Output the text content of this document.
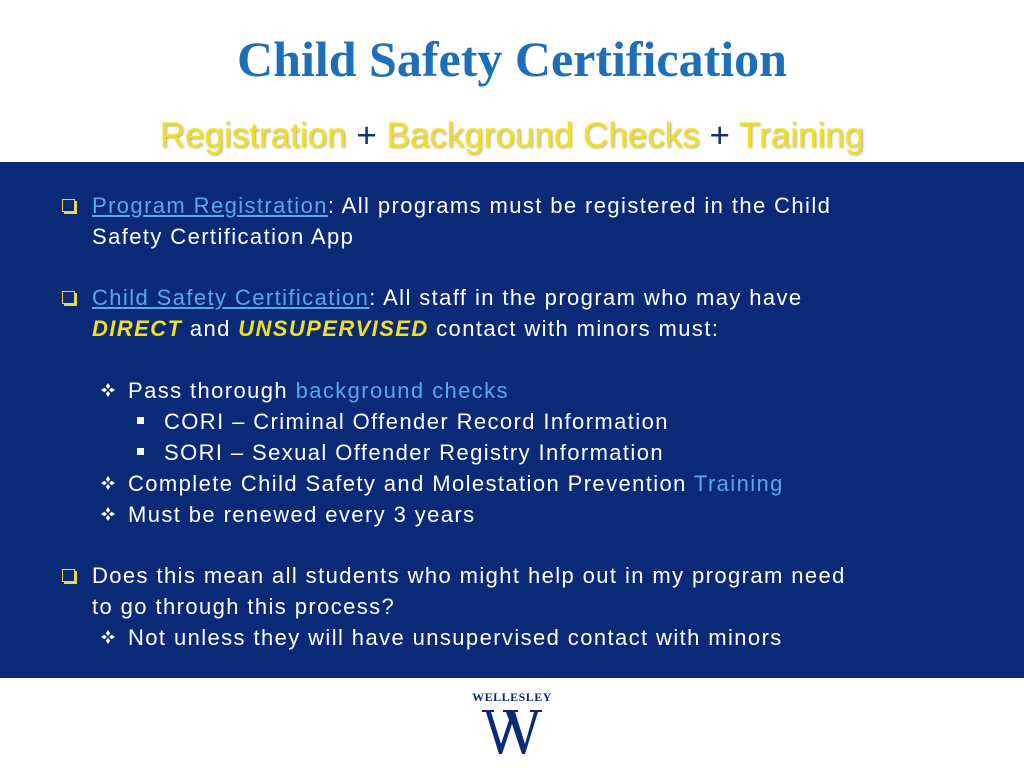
Child Safety Certification
Registration + Background Checks + Training
Program Registration: All programs must be registered in the Child
Safety Certification App
Child Safety Certification: All staff in the program who may have
DIRECT and UNSUPERVISED contact with minors must:
Pass thorough background checks
CORI – Criminal Offender Record Information
SORI – Sexual Offender Registry Information
Complete Child Safety and Molestation Prevention Training
Must be renewed every 3 years
Does this mean all students who might help out in my program need
to go through this process?
Not unless they will have unsupervised contact with minors
WELLESLEY
